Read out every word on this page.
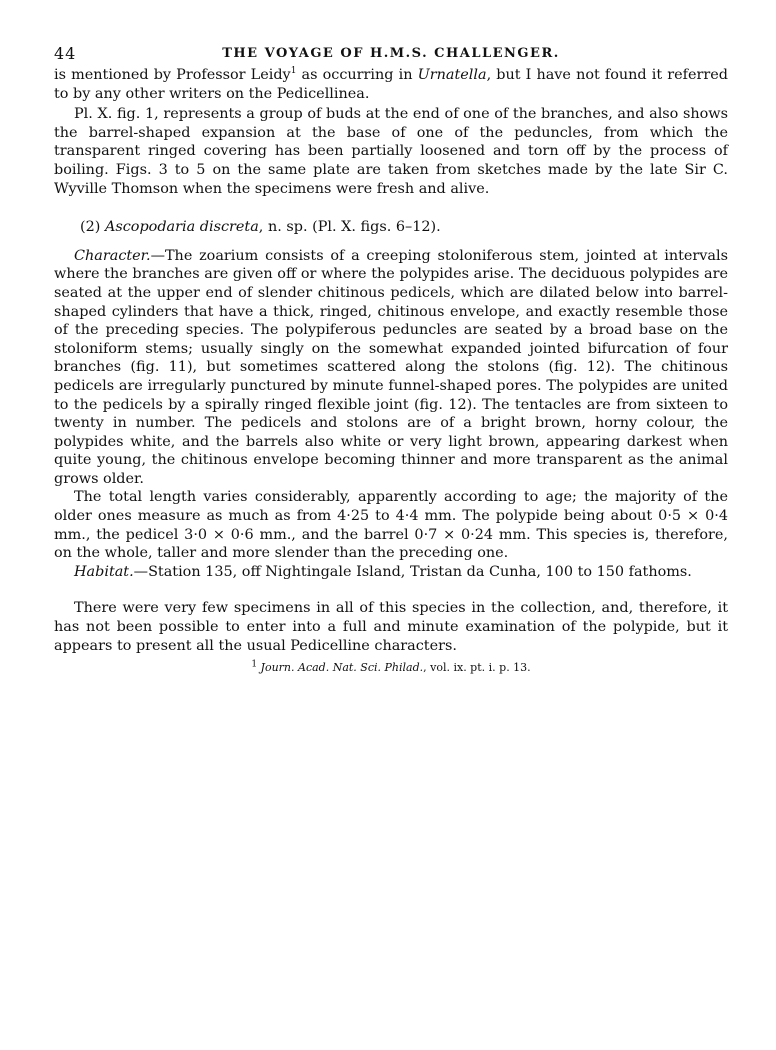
44	THE VOYAGE OF H.M.S. CHALLENGER.

is mentioned by Professor Leidy$^1$ as occurring in Urnatella, but I have not found it referred to by any other writers on the Pedicellinea.

Pl. X. fig. 1, represents a group of buds at the end of one of the branches, and also shows the barrel-shaped expansion at the base of one of the peduncles, from which the transparent ringed covering has been partially loosened and torn off by the process of boiling. Figs. 3 to 5 on the same plate are taken from sketches made by the late Sir C. Wyville Thomson when the specimens were fresh and alive.

(2) Ascopodaria discreta, n. sp. (Pl. X. figs. 6–12).

Character.—The zoarium consists of a creeping stoloniferous stem, jointed at intervals where the branches are given off or where the polypides arise. The deciduous polypides are seated at the upper end of slender chitinous pedicels, which are dilated below into barrel-shaped cylinders that have a thick, ringed, chitinous envelope, and exactly resemble those of the preceding species. The polypiferous peduncles are seated by a broad base on the stoloniform stems; usually singly on the somewhat expanded jointed bifurcation of four branches (fig. 11), but sometimes scattered along the stolons (fig. 12). The chitinous pedicels are irregularly punctured by minute funnel-shaped pores. The polypides are united to the pedicels by a spirally ringed flexible joint (fig. 12). The tentacles are from sixteen to twenty in number. The pedicels and stolons are of a bright brown, horny colour, the polypides white, and the barrels also white or very light brown, appearing darkest when quite young, the chitinous envelope becoming thinner and more transparent as the animal grows older.

The total length varies considerably, apparently according to age; the majority of the older ones measure as much as from 4·25 to 4·4 mm. The polypide being about 0·5 × 0·4 mm., the pedicel 3·0 × 0·6 mm., and the barrel 0·7 × 0·24 mm. This species is, therefore, on the whole, taller and more slender than the preceding one.

Habitat.—Station 135, off Nightingale Island, Tristan da Cunha, 100 to 150 fathoms.

There were very few specimens in all of this species in the collection, and, therefore, it has not been possible to enter into a full and minute examination of the polypide, but it appears to present all the usual Pedicelline characters.

$^1$ Journ. Acad. Nat. Sci. Philad., vol. ix. pt. i. p. 13.
